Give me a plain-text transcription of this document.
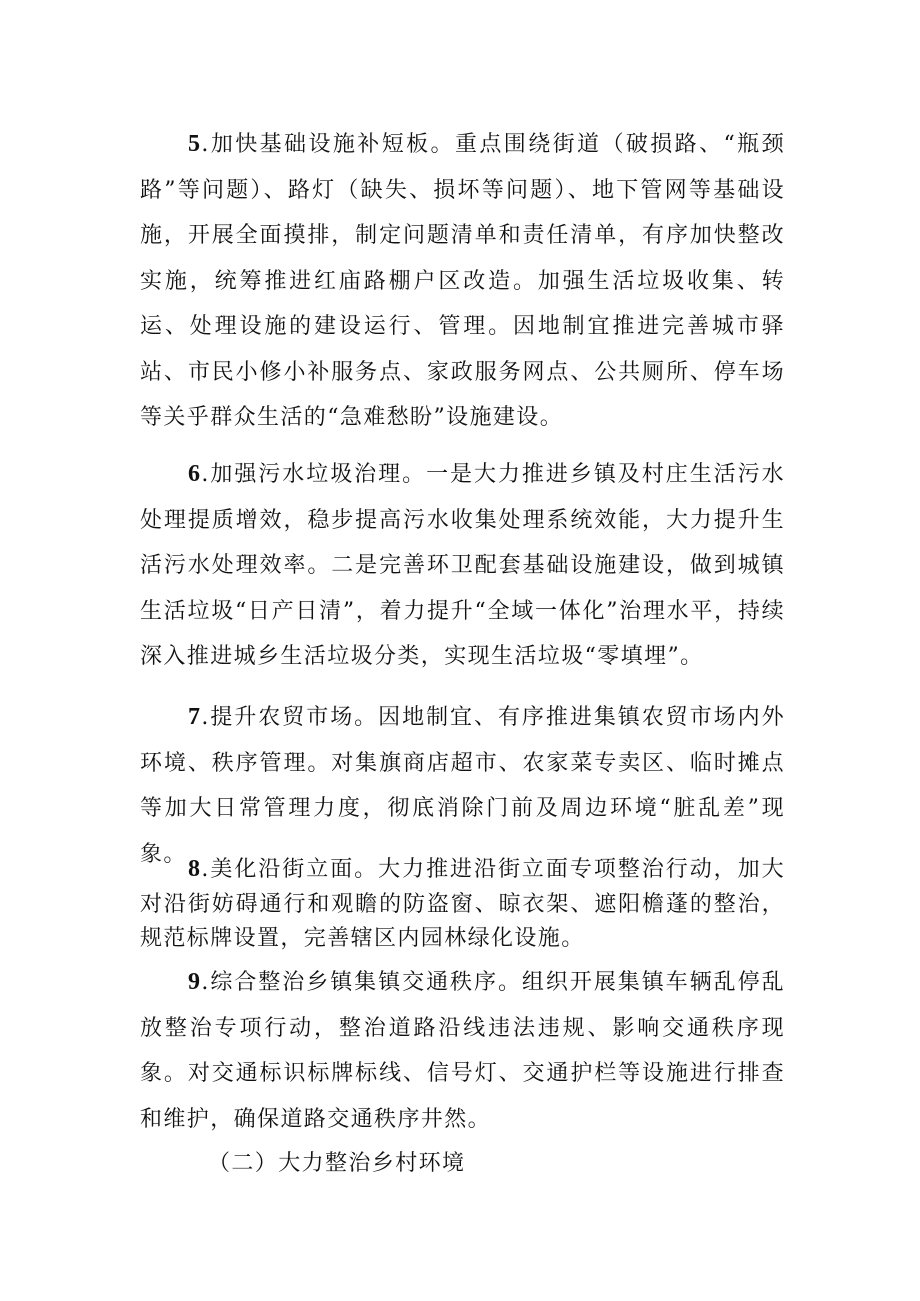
5.加快基础设施补短板。重点围绕街道（破损路、“瓶颈路”等问题）、路灯（缺失、损坏等问题）、地下管网等基础设施，开展全面摸排，制定问题清单和责任清单，有序加快整改实施，统筹推进红庙路棚户区改造。加强生活垃圾收集、转运、处理设施的建设运行、管理。因地制宜推进完善城市驿站、市民小修小补服务点、家政服务网点、公共厕所、停车场等关乎群众生活的“急难愁盼”设施建设。

6.加强污水垃圾治理。一是大力推进乡镇及村庄生活污水处理提质增效，稳步提高污水收集处理系统效能，大力提升生活污水处理效率。二是完善环卫配套基础设施建设，做到城镇生活垃圾“日产日清”，着力提升“全域一体化”治理水平，持续深入推进城乡生活垃圾分类，实现生活垃圾“零填埋”。

7.提升农贸市场。因地制宜、有序推进集镇农贸市场内外环境、秩序管理。对集旗商店超市、农家菜专卖区、临时摊点等加大日常管理力度，彻底消除门前及周边环境“脏乱差”现象。

8.美化沿街立面。大力推进沿街立面专项整治行动，加大对沿街妨碍通行和观瞻的防盗窗、晾衣架、遮阳檐蓬的整治，规范标牌设置，完善辖区内园林绿化设施。

9.综合整治乡镇集镇交通秩序。组织开展集镇车辆乱停乱放整治专项行动，整治道路沿线违法违规、影响交通秩序现象。对交通标识标牌标线、信号灯、交通护栏等设施进行排查和维护，确保道路交通秩序井然。

（二）大力整治乡村环境
